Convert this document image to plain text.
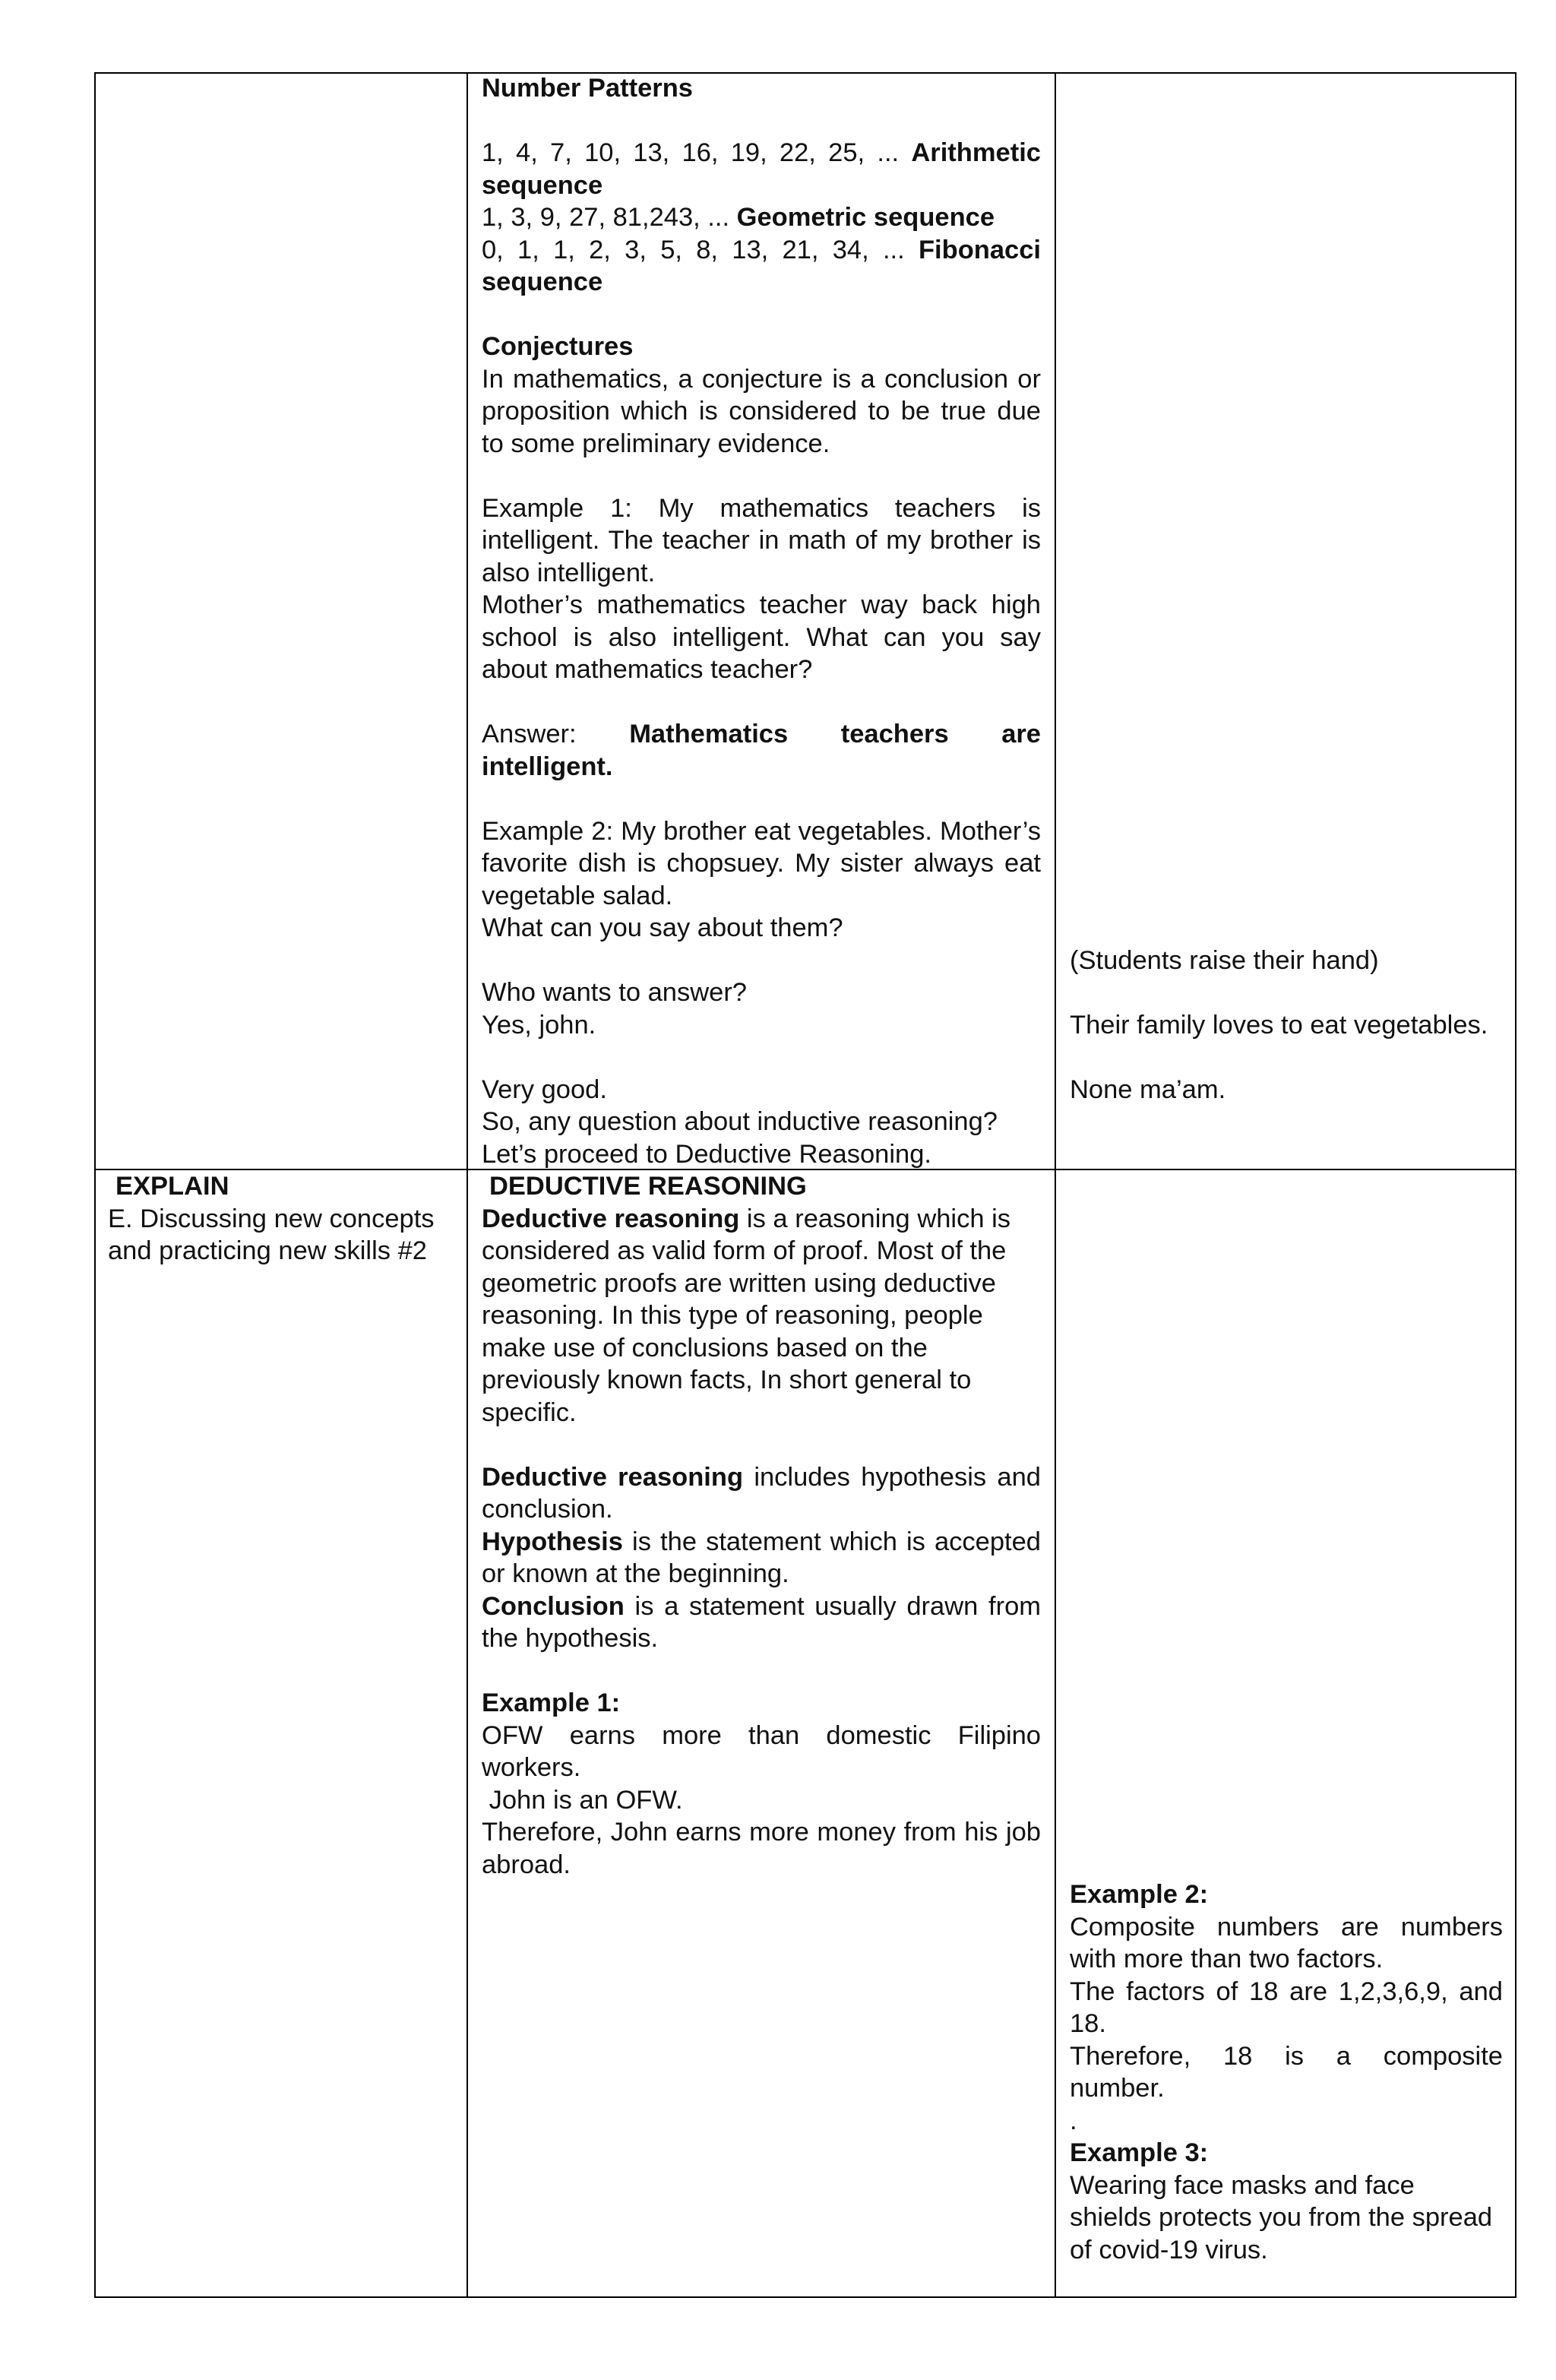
Number Patterns

1, 4, 7, 10, 13, 16, 19, 22, 25, ... Arithmetic sequence

1, 3, 9, 27, 81,243, ... Geometric sequence

0, 1, 1, 2, 3, 5, 8, 13, 21, 34, ... Fibonacci sequence

Conjectures

In mathematics, a conjecture is a conclusion or proposition which is considered to be true due to some preliminary evidence.

Example 1: My mathematics teachers is intelligent. The teacher in math of my brother is also intelligent.

Mother’s mathematics teacher way back high school is also intelligent. What can you say about mathematics teacher?

Answer: Mathematics teachers are intelligent.

Example 2: My brother eat vegetables. Mother’s favorite dish is chopsuey. My sister always eat vegetable salad.

What can you say about them?

Who wants to answer?

Yes, john.

Very good.

So, any question about inductive reasoning?

Let’s proceed to Deductive Reasoning.

(Students raise their hand)

Their family loves to eat vegetables.

None ma’am.

EXPLAIN

E. Discussing new concepts and practicing new skills #2

DEDUCTIVE REASONING

Deductive reasoning is a reasoning which is considered as valid form of proof. Most of the geometric proofs are written using deductive reasoning. In this type of reasoning, people make use of conclusions based on the previously known facts, In short general to specific.

Deductive reasoning includes hypothesis and conclusion.

Hypothesis is the statement which is accepted or known at the beginning.

Conclusion is a statement usually drawn from the hypothesis.

Example 1:

OFW earns more than domestic Filipino workers.

John is an OFW.

Therefore, John earns more money from his job abroad.

Example 2:

Composite numbers are numbers with more than two factors.

The factors of 18 are 1,2,3,6,9, and 18.

Therefore, 18 is a composite number.

.

Example 3:

Wearing face masks and face shields protects you from the spread of covid-19 virus.
